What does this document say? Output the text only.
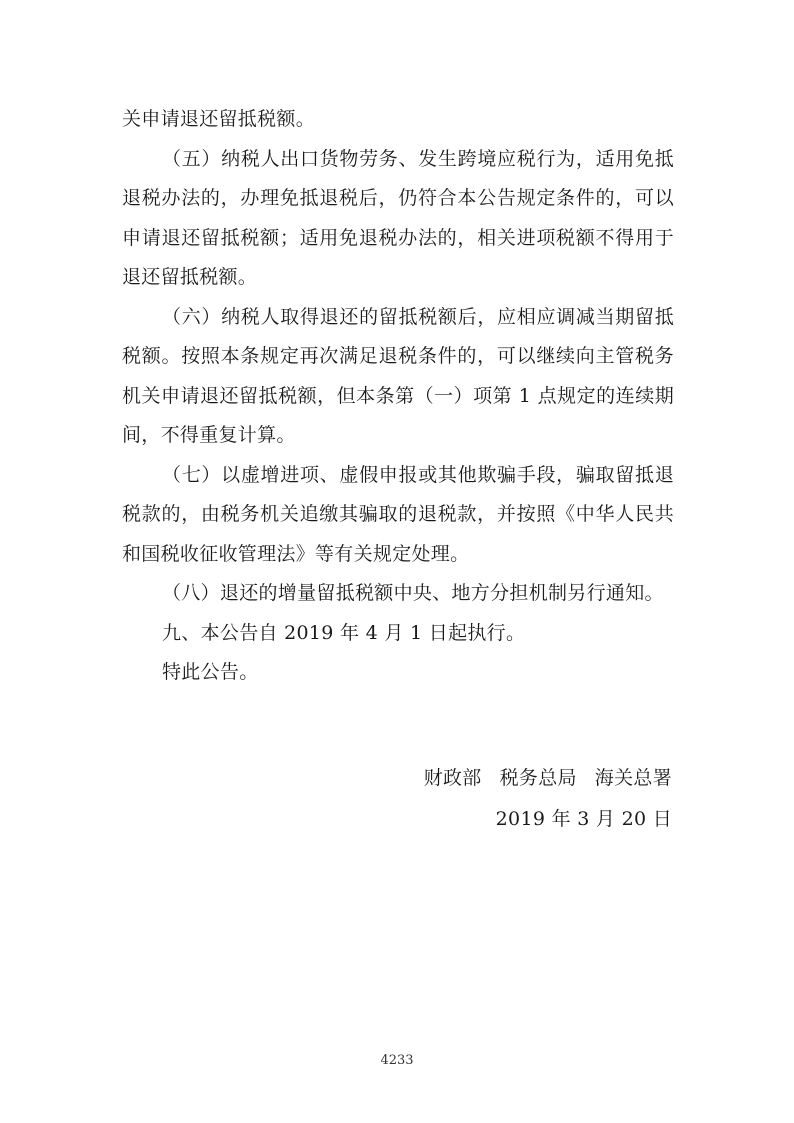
关申请退还留抵税额。

（五）纳税人出口货物劳务、发生跨境应税行为，适用免抵退税办法的，办理免抵退税后，仍符合本公告规定条件的，可以申请退还留抵税额；适用免退税办法的，相关进项税额不得用于退还留抵税额。

（六）纳税人取得退还的留抵税额后，应相应调减当期留抵税额。按照本条规定再次满足退税条件的，可以继续向主管税务机关申请退还留抵税额，但本条第（一）项第 1 点规定的连续期间，不得重复计算。

（七）以虚增进项、虚假申报或其他欺骗手段，骗取留抵退税款的，由税务机关追缴其骗取的退税款，并按照《中华人民共和国税收征收管理法》等有关规定处理。

（八）退还的增量留抵税额中央、地方分担机制另行通知。

九、本公告自 2019 年 4 月 1 日起执行。

特此公告。

财政部 税务总局 海关总署
2019 年 3 月 20 日
4233
